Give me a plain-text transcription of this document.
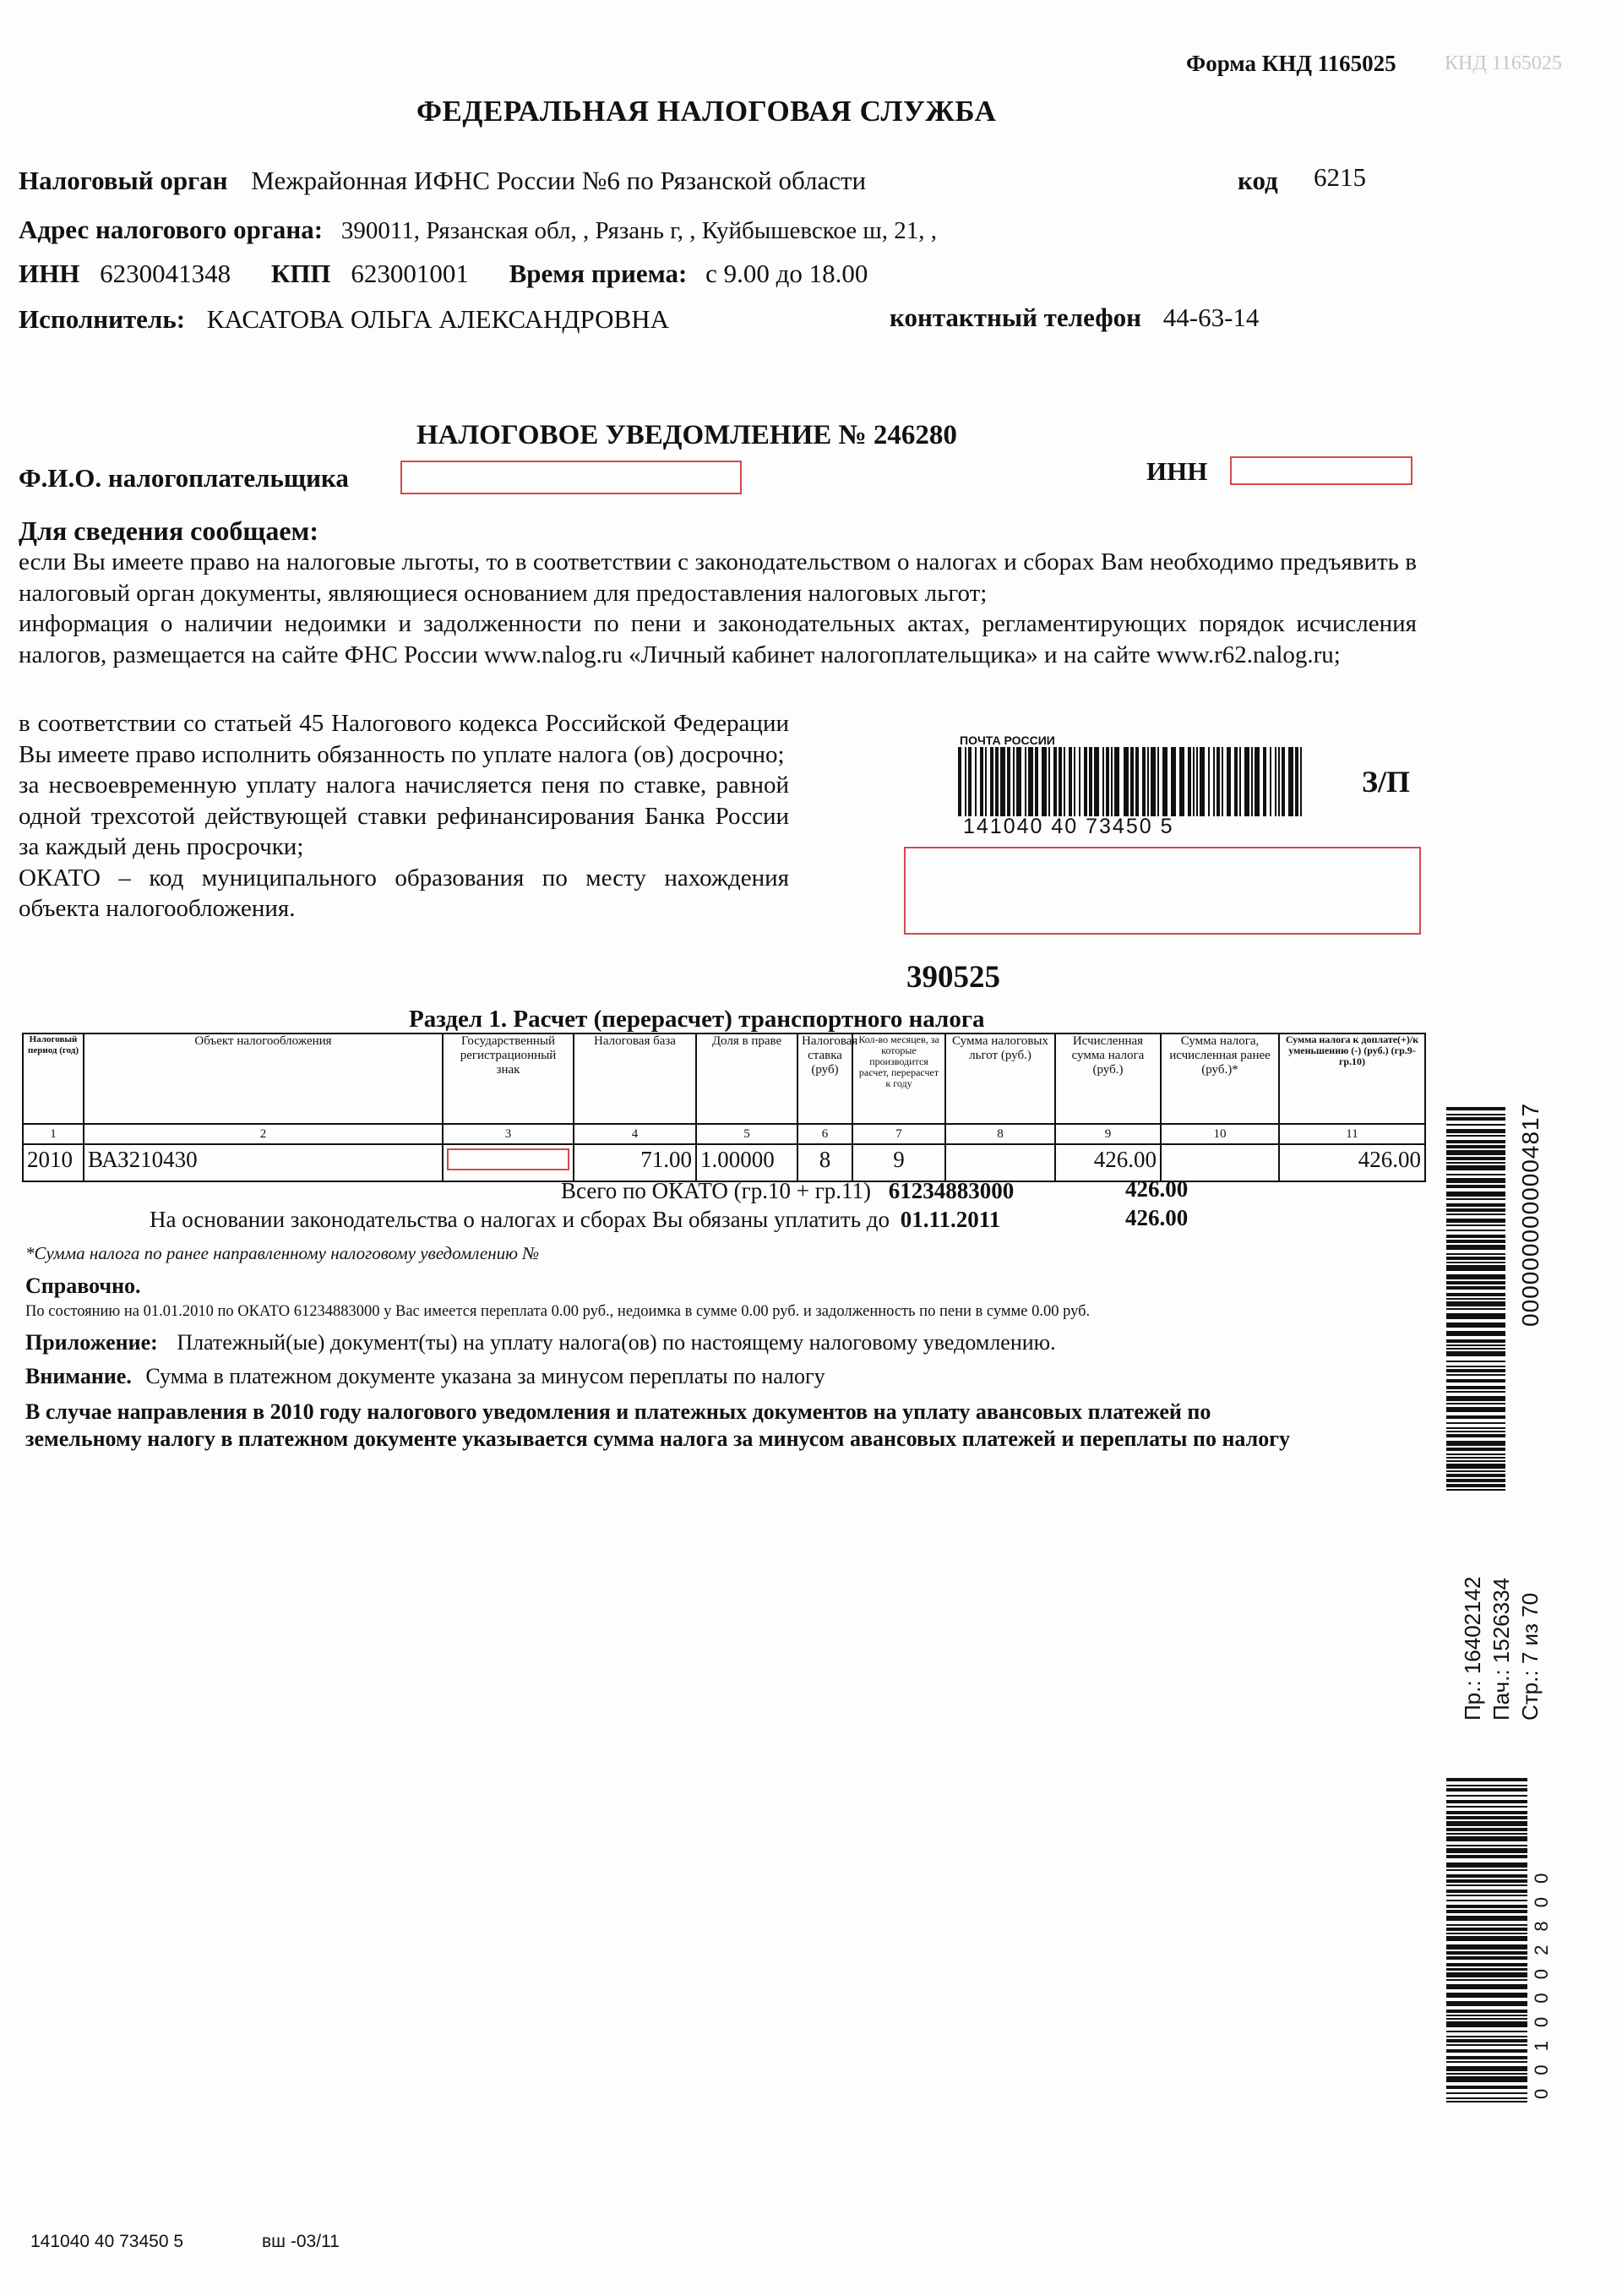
Форма КНД 1165025 КНД 1165025
ФЕДЕРАЛЬНАЯ НАЛОГОВАЯ СЛУЖБА
Налоговый орган Межрайонная ИФНС России №6 по Рязанской области	код 6215
Адрес налогового органа: 390011, Рязанская обл, , Рязань г, , Куйбышевское ш, 21, ,
ИНН 6230041348 КПП 623001001 Время приема: с 9.00 до 18.00
Исполнитель: КАСАТОВА ОЛЬГА АЛЕКСАНДРОВНА	контактный телефон 44-63-14
НАЛОГОВОЕ УВЕДОМЛЕНИЕ № 246280
Ф.И.О. налогоплательщика	ИНН
Для сведения сообщаем:

если Вы имеете право на налоговые льготы, то в соответствии с законодательством о налогах и сборах Вам необходимо предъявить в налоговый орган документы, являющиеся основанием для предоставления налоговых льгот;

информация о наличии недоимки и задолженности по пени и законодательных актах, регламентирующих порядок исчисления налогов, размещается на сайте ФНС России www.nalog.ru «Личный кабинет налогоплательщика» и на сайте www.r62.nalog.ru;

в соответствии со статьей 45 Налогового кодекса Российской Федерации Вы имеете право исполнить обязанность по уплате налога (ов) досрочно;

за несвоевременную уплату налога начисляется пеня по ставке, равной одной трехсотой действующей ставки рефинансирования Банка России за каждый день просрочки;

ОКАТО – код муниципального образования по месту нахождения объекта налогообложения.

ПОЧТА РОССИИ
141040 40 73450 5
З/П
390525
Раздел 1. Расчет (перерасчет) транспортного налога
Налоговый период (год)	Объект налогообложения	Государственный регистрационный знак	Налоговая база	Доля в праве	Налоговая ставка (руб)	Кол-во месяцев, за которые производится расчет, перерасчет к году	Сумма налоговых льгот (руб.)	Исчисленная сумма налога (руб.)	Сумма налога, исчисленная ранее (руб.)*	Сумма налога к доплате(+)/к уменьшению (-) (руб.) (гр.9- гр.10)
1	2	3	4	5	6	7	8	9	10	11
2010	ВАЗ210430		71.00	1.00000	8	9		426.00		426.00
Всего по ОКАТО (гр.10 + гр.11) 61234883000	426.00
На основании законодательства о налогах и сборах Вы обязаны уплатить до 01.11.2011	426.00
*Сумма налога по ранее направленному налоговому уведомлению №
Справочно.
По состоянию на 01.01.2010 по ОКАТО 61234883000 у Вас имеется переплата 0.00 руб., недоимка в сумме 0.00 руб. и задолженность по пени в сумме 0.00 руб.
Приложение: Платежный(ые) документ(ты) на уплату налога(ов) по настоящему налоговому уведомлению.
Внимание. Сумма в платежном документе указана за минусом переплаты по налогу
В случае направления в 2010 году налогового уведомления и платежных документов на уплату авансовых платежей по
земельному налогу в платежном документе указывается сумма налога за минусом авансовых платежей и переплаты по налогу
0000000000004817
Пр.: 16402142 Пач.: 1526334 Стр.: 7 из 70
0 0 1 0 0 0 2 8 0 0
141040 40 73450 5	вш -03/11
